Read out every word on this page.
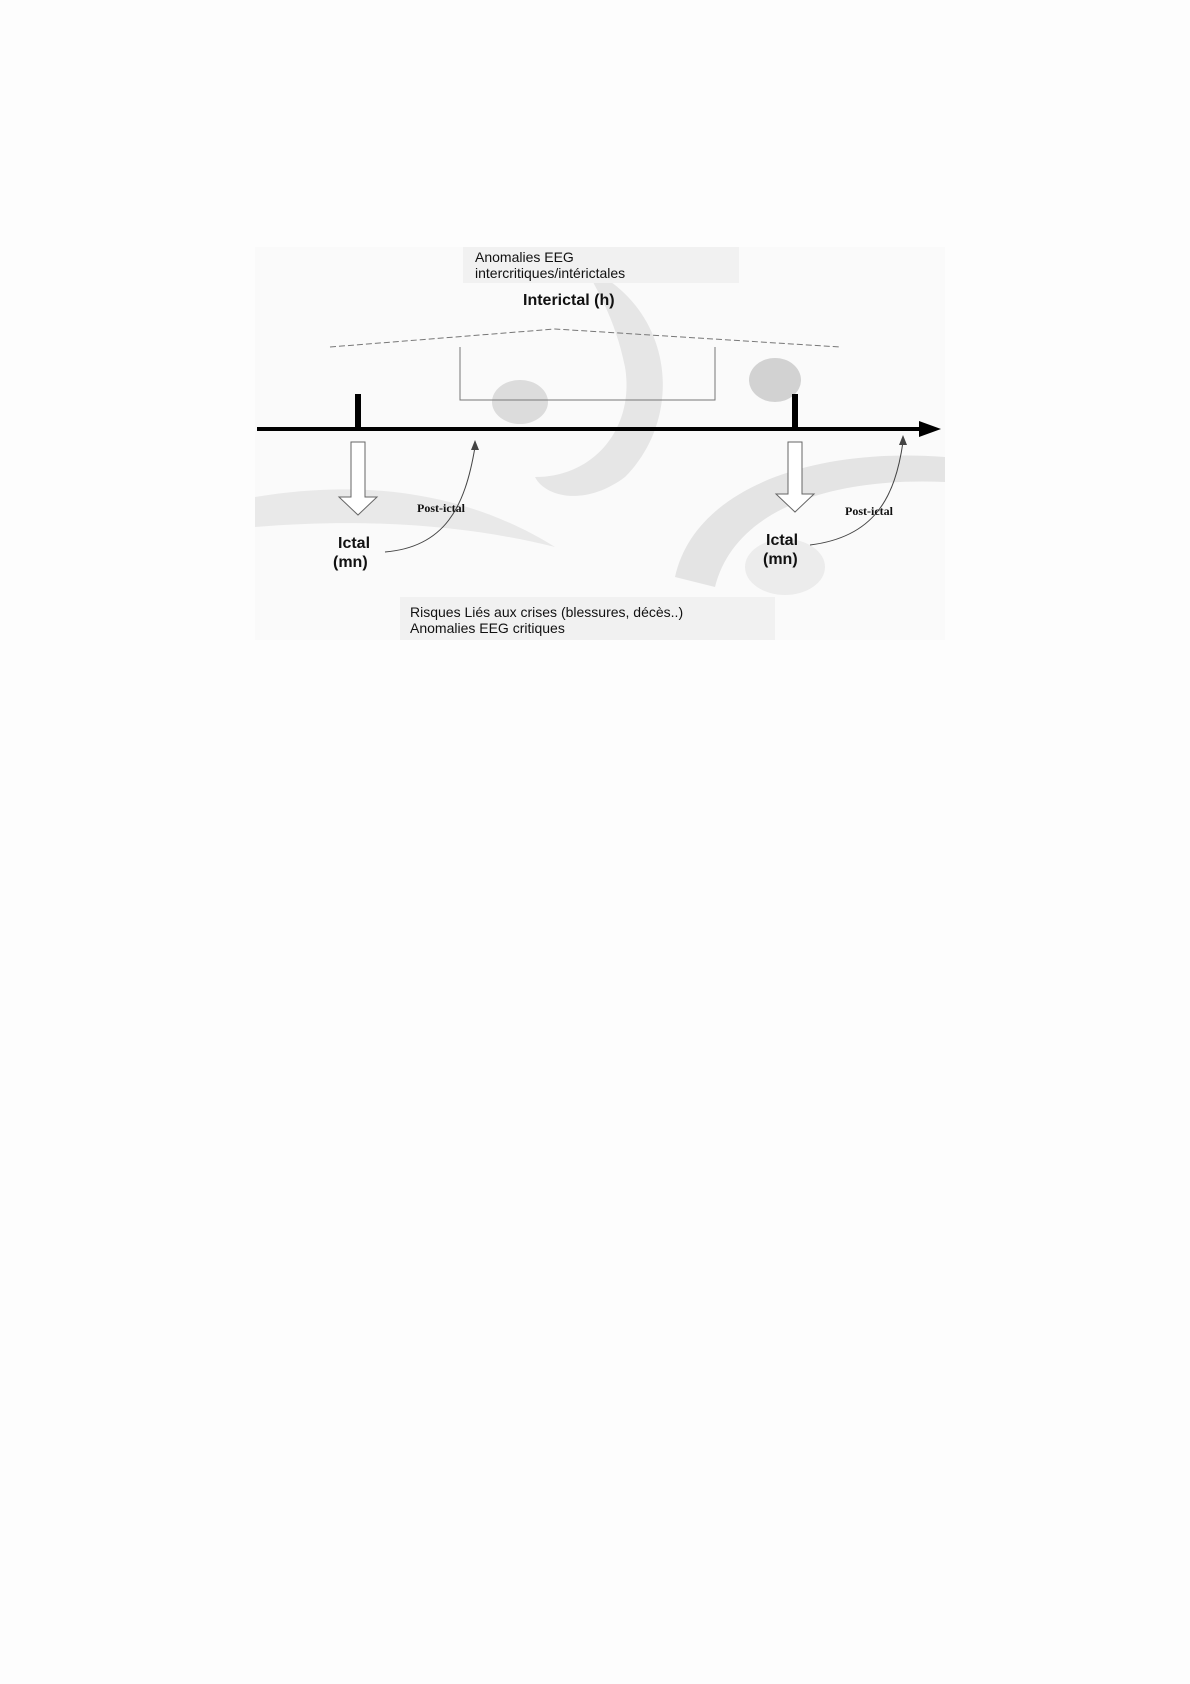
Anomalies EEG
intercritiques/intérictales
Interictal (h)
Post-ictal	Post-ictal
Ictal
(mn)
Ictal
(mn)
Risques Liés aux crises (blessures, décès..)
Anomalies EEG critiques
